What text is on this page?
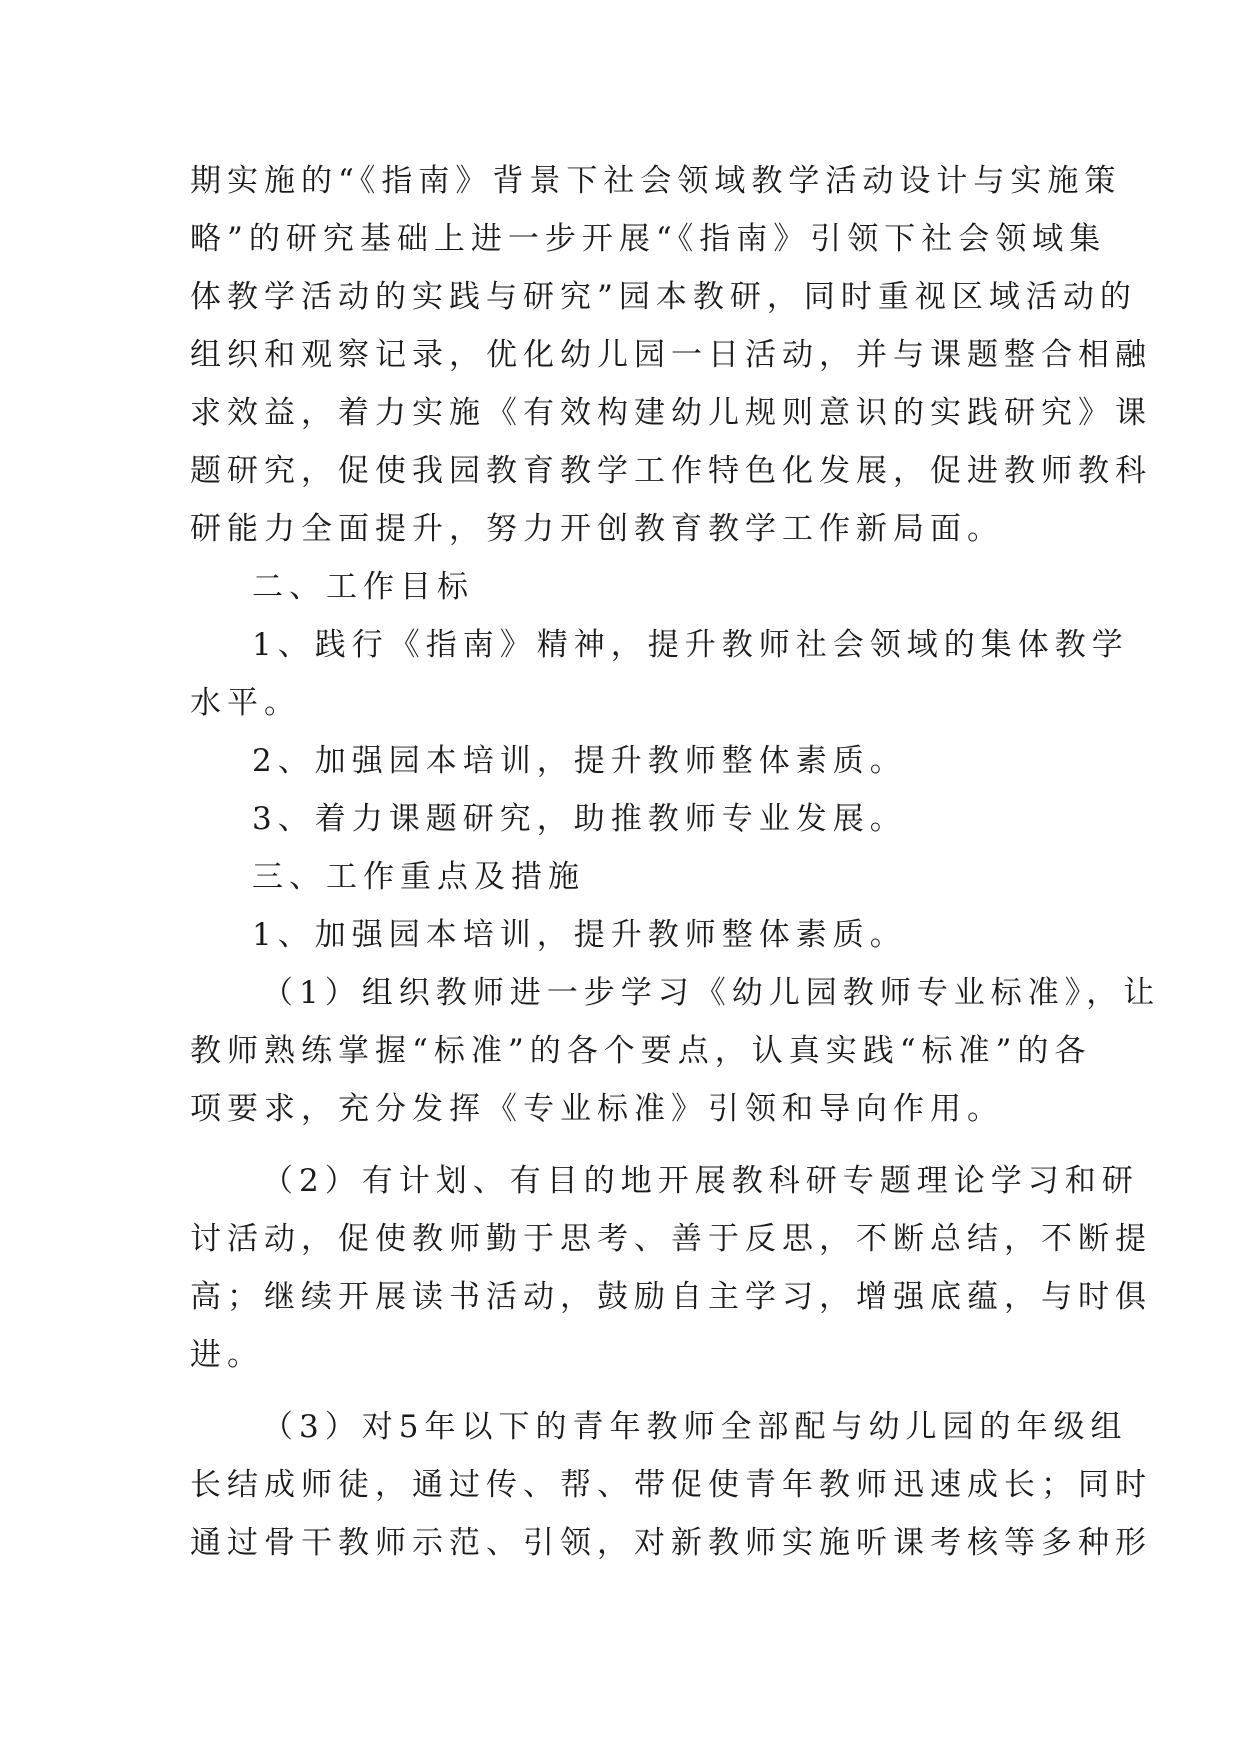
期实施的“《指南》背景下社会领域教学活动设计与实施策
略”的研究基础上进一步开展“《指南》引领下社会领域集
体教学活动的实践与研究”园本教研，同时重视区域活动的
组织和观察记录，优化幼儿园一日活动，并与课题整合相融
求效益，着力实施《有效构建幼儿规则意识的实践研究》课
题研究，促使我园教育教学工作特色化发展，促进教师教科
研能力全面提升，努力开创教育教学工作新局面。
二、工作目标
1、践行《指南》精神，提升教师社会领域的集体教学
水平。
2、加强园本培训，提升教师整体素质。
3、着力课题研究，助推教师专业发展。
三、工作重点及措施
1、加强园本培训，提升教师整体素质。
（1）组织教师进一步学习《幼儿园教师专业标准》，让
教师熟练掌握“标准”的各个要点，认真实践“标准”的各
项要求，充分发挥《专业标准》引领和导向作用。
（2）有计划、有目的地开展教科研专题理论学习和研
讨活动，促使教师勤于思考、善于反思，不断总结，不断提
高；继续开展读书活动，鼓励自主学习，增强底蕴，与时俱
进。
（3）对5年以下的青年教师全部配与幼儿园的年级组
长结成师徒，通过传、帮、带促使青年教师迅速成长；同时
通过骨干教师示范、引领，对新教师实施听课考核等多种形
